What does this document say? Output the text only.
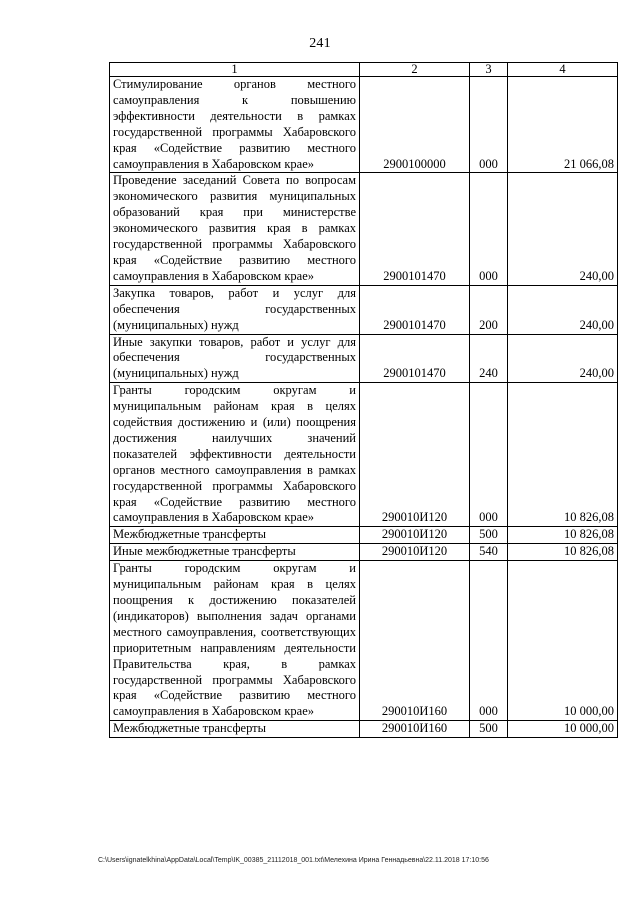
241
1	2	3	4
Стимулирование органов местного самоуправления к повышению эффективности деятельности в рамках государственной программы Хабаровского края «Содействие развитию местного самоуправления в Хабаровском крае»	2900100000	000	21 066,08
Проведение заседаний Совета по вопросам экономического развития муниципальных образований края при министерстве экономического развития края в рамках государственной программы Хабаровского края «Содействие развитию местного самоуправления в Хабаровском крае»	2900101470	000	240,00
Закупка товаров, работ и услуг для обеспечения государственных (муниципальных) нужд	2900101470	200	240,00
Иные закупки товаров, работ и услуг для обеспечения государственных (муниципальных) нужд	2900101470	240	240,00
Гранты городским округам и муниципальным районам края в целях содействия достижению и (или) поощрения достижения наилучших значений показателей эффективности деятельности органов местного самоуправления в рамках государственной программы Хабаровского края «Содействие развитию местного самоуправления в Хабаровском крае»	290010И120	000	10 826,08
Межбюджетные трансферты	290010И120	500	10 826,08
Иные межбюджетные трансферты	290010И120	540	10 826,08
Гранты городским округам и муниципальным районам края в целях поощрения к достижению показателей (индикаторов) выполнения задач органами местного самоуправления, соответствующих приоритетным направлениям деятельности Правительства края, в рамках государственной программы Хабаровского края «Содействие развитию местного самоуправления в Хабаровском крае»	290010И160	000	10 000,00
Межбюджетные трансферты	290010И160	500	10 000,00
C:\Users\ignatelkhina\AppData\Local\Temp\IK_00385_21112018_001.txt\Мелехина Ирина Геннадьевна\22.11.2018 17:10:56
